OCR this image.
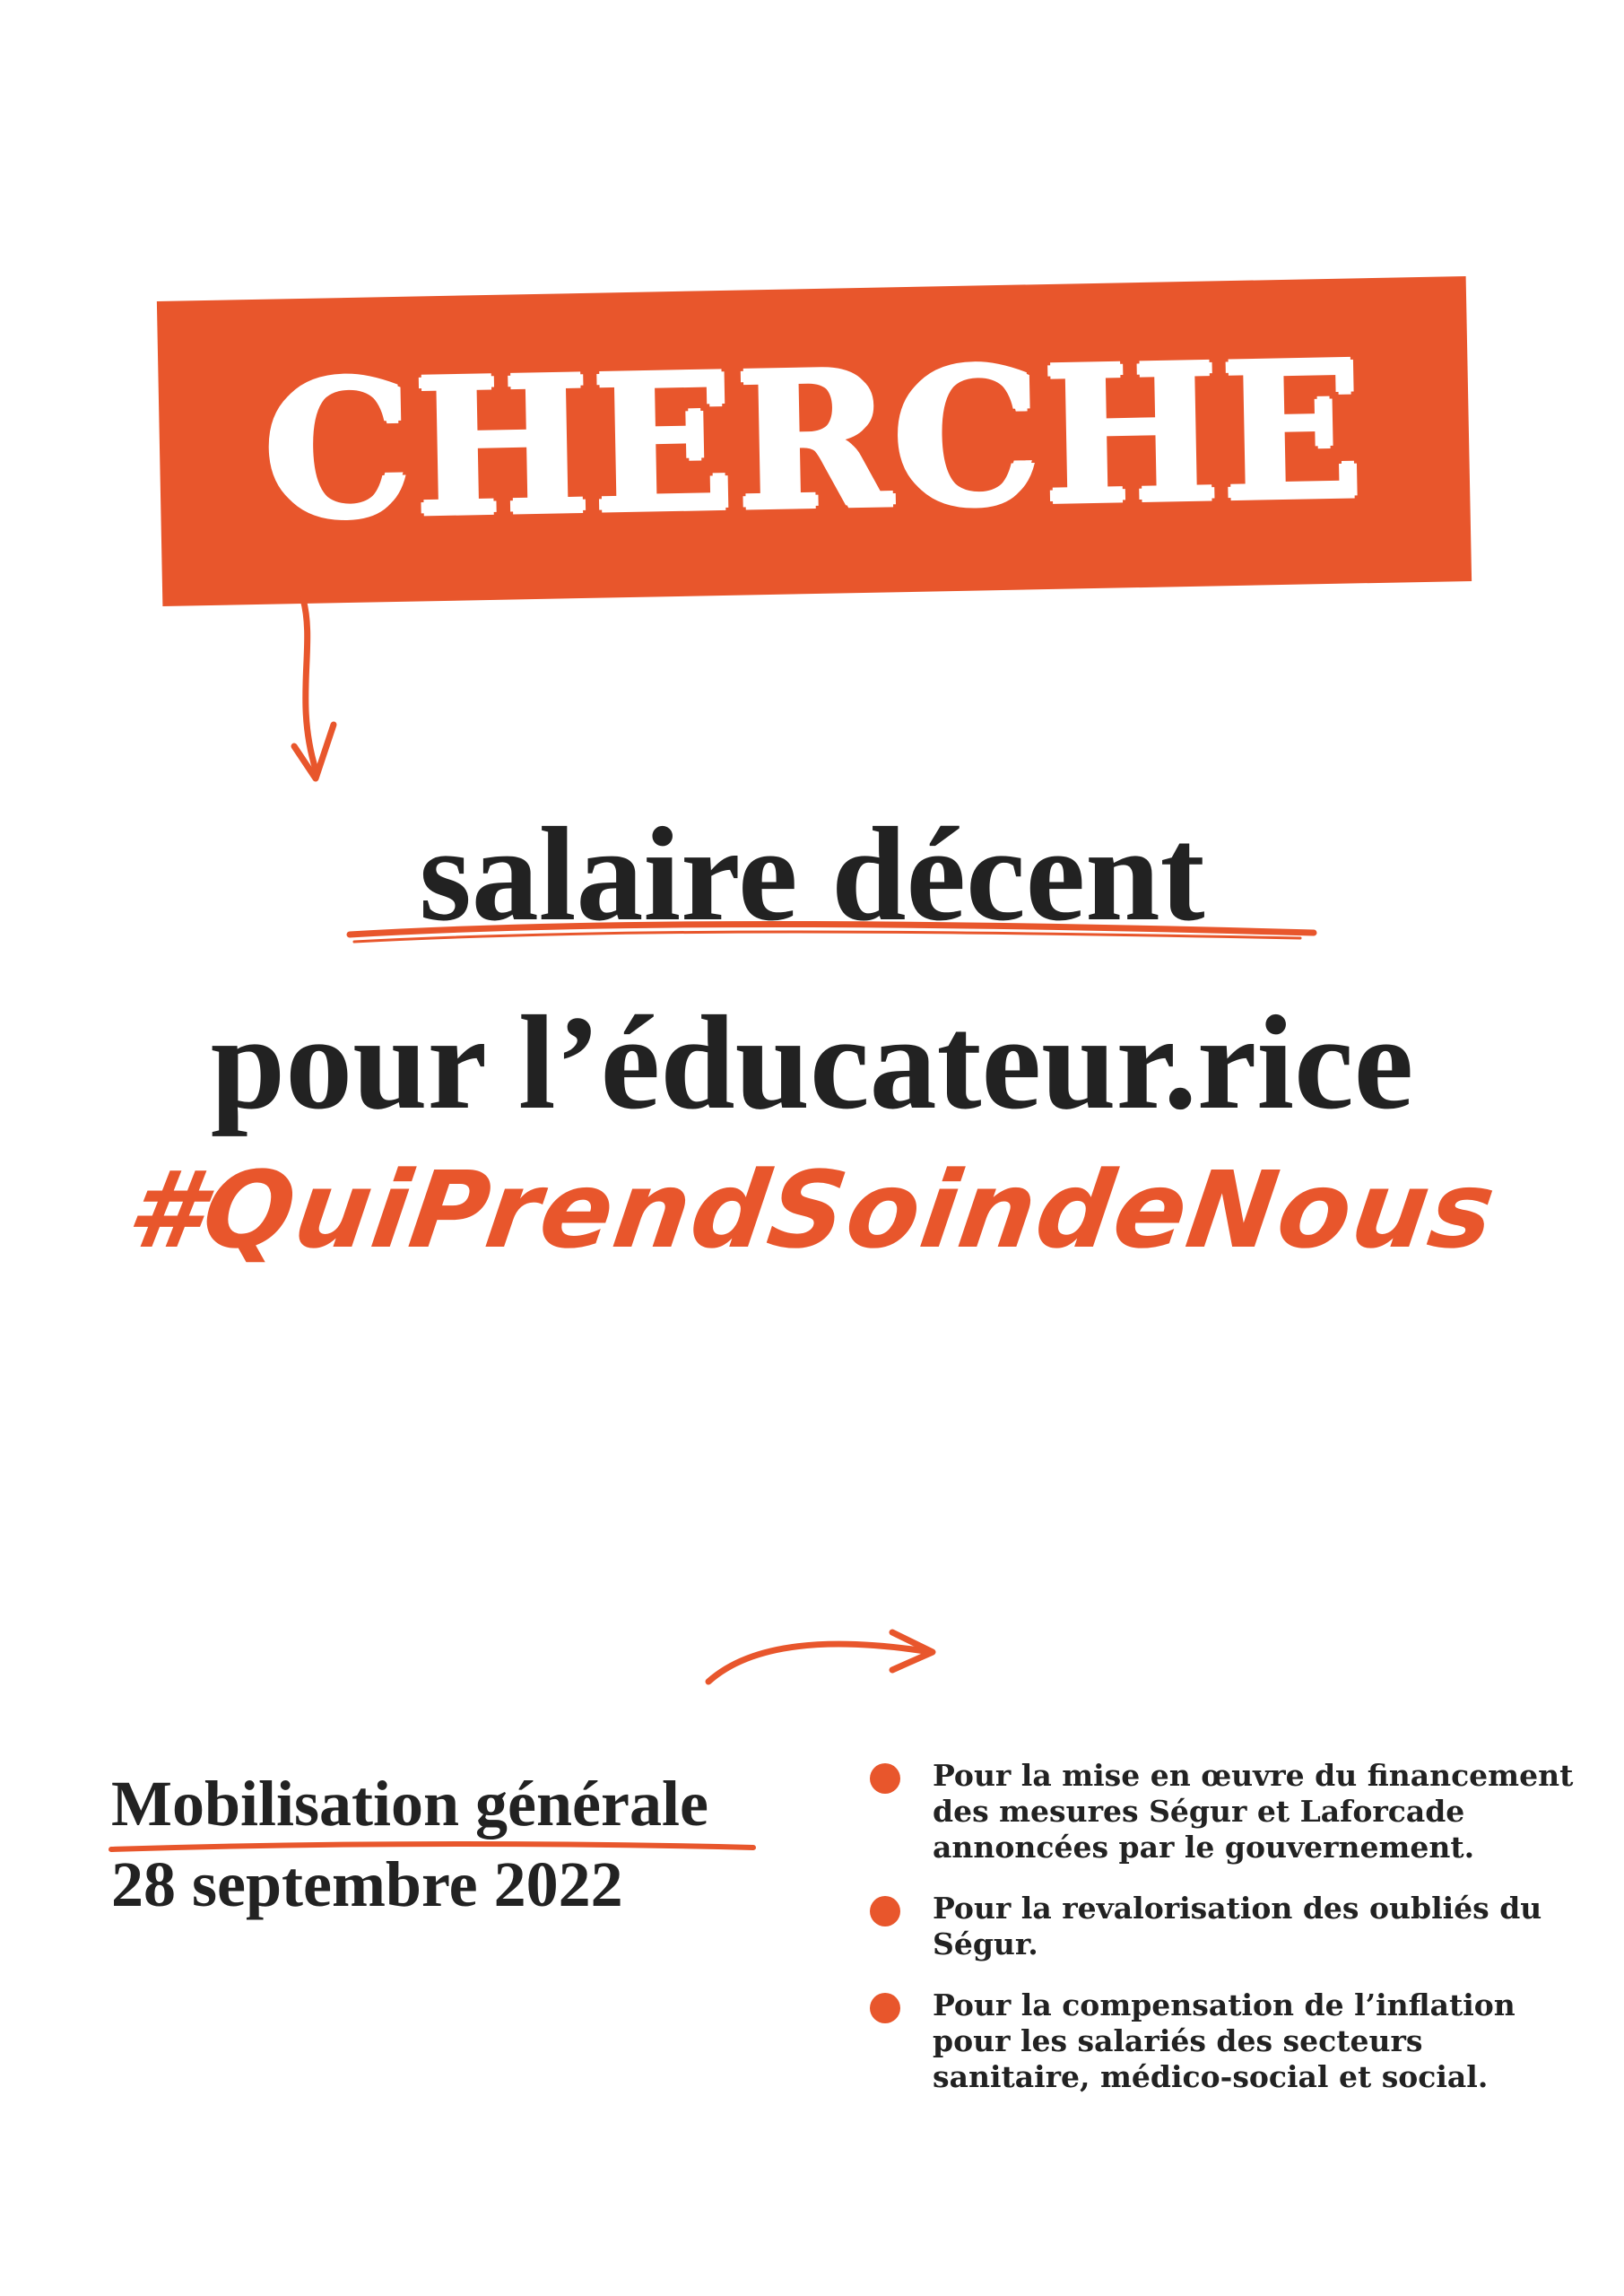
CHERCHE
salaire décent
pour l’éducateur.rice
#QuiPrendSoindeNous
Mobilisation générale
28 septembre 2022
Pour la mise en œuvre du financement des mesures Ségur et Laforcade annoncées par le gouvernement.
Pour la revalorisation des oubliés du Ségur.
Pour la compensation de l’inflation pour les salariés des secteurs sanitaire, médico-social et social.
